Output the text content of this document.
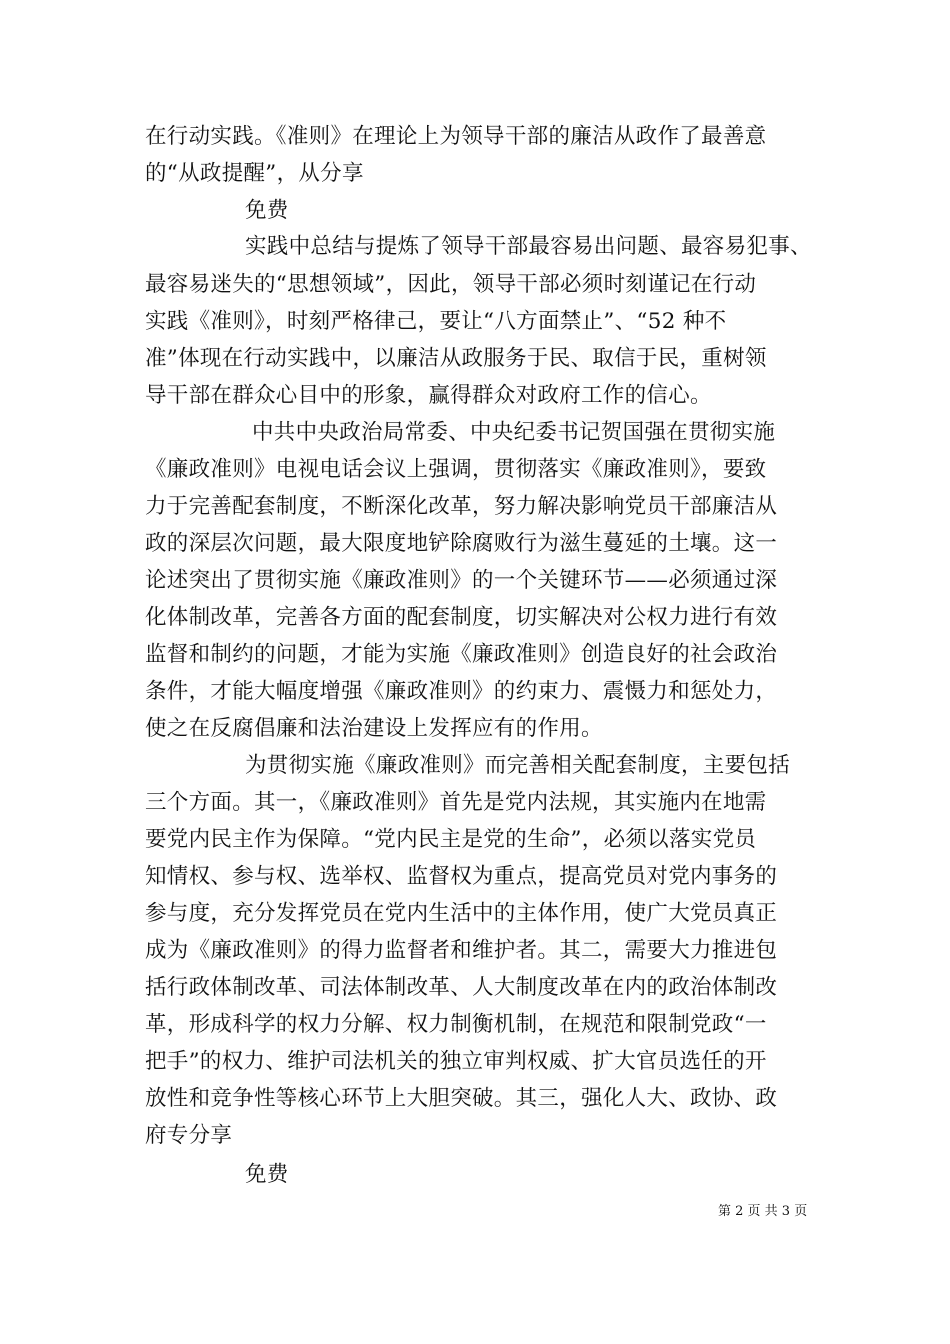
在行动实践。《准则》在理论上为领导干部的廉洁从政作了最善意
的“从政提醒”，从分享
免费
实践中总结与提炼了领导干部最容易出问题、最容易犯事、
最容易迷失的“思想领域”，因此，领导干部必须时刻谨记在行动
实践《准则》，时刻严格律己，要让“八方面禁止”、“52 种不
准”体现在行动实践中，以廉洁从政服务于民、取信于民，重树领
导干部在群众心目中的形象，赢得群众对政府工作的信心。
中共中央政治局常委、中央纪委书记贺国强在贯彻实施
《廉政准则》电视电话会议上强调，贯彻落实《廉政准则》，要致
力于完善配套制度，不断深化改革，努力解决影响党员干部廉洁从
政的深层次问题，最大限度地铲除腐败行为滋生蔓延的土壤。这一
论述突出了贯彻实施《廉政准则》的一个关键环节——必须通过深
化体制改革，完善各方面的配套制度，切实解决对公权力进行有效
监督和制约的问题，才能为实施《廉政准则》创造良好的社会政治
条件，才能大幅度增强《廉政准则》的约束力、震慑力和惩处力，
使之在反腐倡廉和法治建设上发挥应有的作用。
为贯彻实施《廉政准则》而完善相关配套制度，主要包括
三个方面。其一，《廉政准则》首先是党内法规，其实施内在地需
要党内民主作为保障。“党内民主是党的生命”，必须以落实党员
知情权、参与权、选举权、监督权为重点，提高党员对党内事务的
参与度，充分发挥党员在党内生活中的主体作用，使广大党员真正
成为《廉政准则》的得力监督者和维护者。其二，需要大力推进包
括行政体制改革、司法体制改革、人大制度改革在内的政治体制改
革，形成科学的权力分解、权力制衡机制，在规范和限制党政“一
把手”的权力、维护司法机关的独立审判权威、扩大官员选任的开
放性和竞争性等核心环节上大胆突破。其三，强化人大、政协、政
府专分享
免费
第 2 页 共 3 页
